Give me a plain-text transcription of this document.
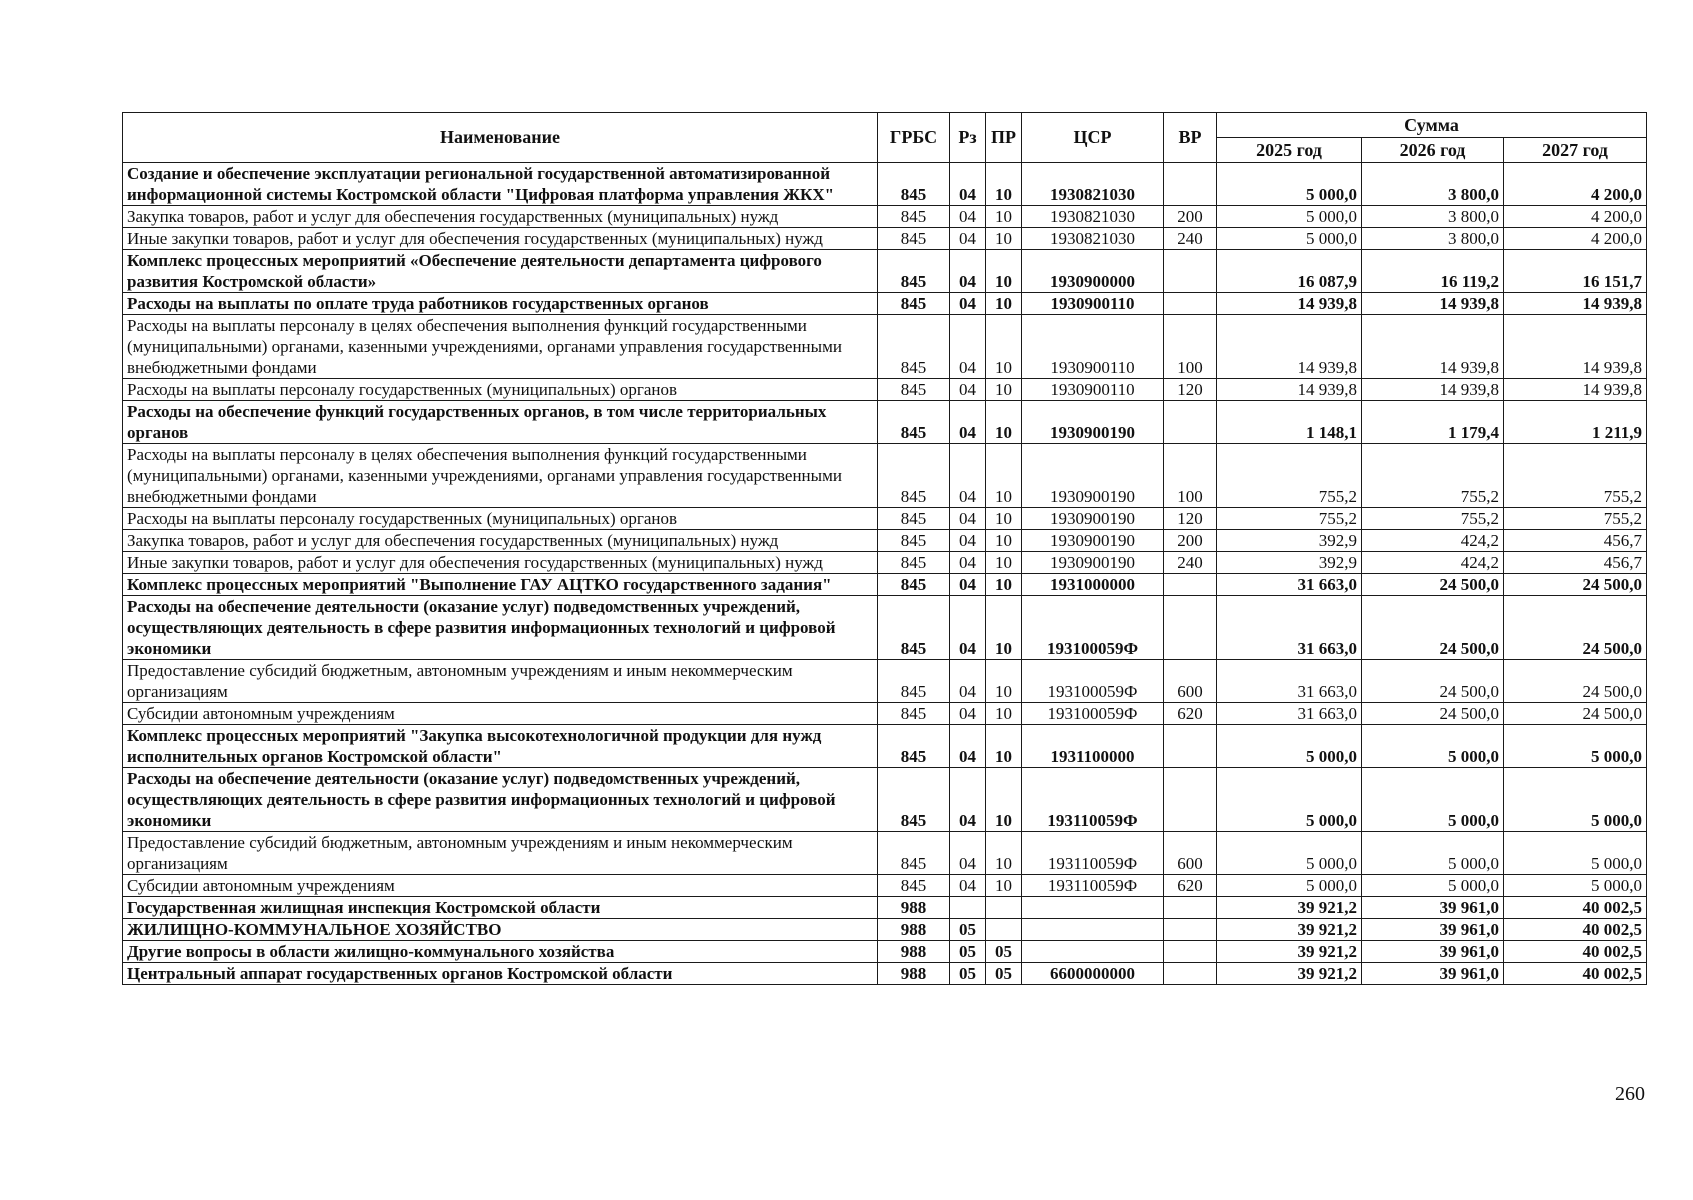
Наименование	ГРБС	Рз	ПР	ЦСР	ВР	Сумма		
						2025 год	2026 год	2027 год
Создание и обеспечение эксплуатации региональной государственной автоматизированной информационной системы Костромской области "Цифровая платформа управления ЖКХ"	845	04	10	1930821030		5 000,0	3 800,0	4 200,0
Закупка товаров, работ и услуг для обеспечения государственных (муниципальных) нужд	845	04	10	1930821030	200	5 000,0	3 800,0	4 200,0
Иные закупки товаров, работ и услуг для обеспечения государственных (муниципальных) нужд	845	04	10	1930821030	240	5 000,0	3 800,0	4 200,0
Комплекс процессных мероприятий «Обеспечение деятельности департамента цифрового развития Костромской области»	845	04	10	1930900000		16 087,9	16 119,2	16 151,7
Расходы на выплаты по оплате труда работников государственных органов	845	04	10	1930900110		14 939,8	14 939,8	14 939,8
Расходы на выплаты персоналу в целях обеспечения выполнения функций государственными (муниципальными) органами, казенными учреждениями, органами управления государственными внебюджетными фондами	845	04	10	1930900110	100	14 939,8	14 939,8	14 939,8
Расходы на выплаты персоналу государственных (муниципальных) органов	845	04	10	1930900110	120	14 939,8	14 939,8	14 939,8
Расходы на обеспечение функций государственных органов, в том числе территориальных органов	845	04	10	1930900190		1 148,1	1 179,4	1 211,9
Расходы на выплаты персоналу в целях обеспечения выполнения функций государственными (муниципальными) органами, казенными учреждениями, органами управления государственными внебюджетными фондами	845	04	10	1930900190	100	755,2	755,2	755,2
Расходы на выплаты персоналу государственных (муниципальных) органов	845	04	10	1930900190	120	755,2	755,2	755,2
Закупка товаров, работ и услуг для обеспечения государственных (муниципальных) нужд	845	04	10	1930900190	200	392,9	424,2	456,7
Иные закупки товаров, работ и услуг для обеспечения государственных (муниципальных) нужд	845	04	10	1930900190	240	392,9	424,2	456,7
Комплекс процессных мероприятий "Выполнение ГАУ АЦТКО государственного задания"	845	04	10	1931000000		31 663,0	24 500,0	24 500,0
Расходы на обеспечение деятельности (оказание услуг) подведомственных учреждений, осуществляющих деятельность в сфере развития информационных технологий и цифровой экономики	845	04	10	193100059Ф		31 663,0	24 500,0	24 500,0
Предоставление субсидий бюджетным, автономным учреждениям и иным некоммерческим организациям	845	04	10	193100059Ф	600	31 663,0	24 500,0	24 500,0
Субсидии автономным учреждениям	845	04	10	193100059Ф	620	31 663,0	24 500,0	24 500,0
Комплекс процессных мероприятий "Закупка высокотехнологичной продукции для нужд исполнительных органов Костромской области"	845	04	10	1931100000		5 000,0	5 000,0	5 000,0
Расходы на обеспечение деятельности (оказание услуг) подведомственных учреждений, осуществляющих деятельность в сфере развития информационных технологий и цифровой экономики	845	04	10	193110059Ф		5 000,0	5 000,0	5 000,0
Предоставление субсидий бюджетным, автономным учреждениям и иным некоммерческим организациям	845	04	10	193110059Ф	600	5 000,0	5 000,0	5 000,0
Субсидии автономным учреждениям	845	04	10	193110059Ф	620	5 000,0	5 000,0	5 000,0
Государственная жилищная инспекция Костромской области	988					39 921,2	39 961,0	40 002,5
ЖИЛИЩНО-КОММУНАЛЬНОЕ ХОЗЯЙСТВО	988	05				39 921,2	39 961,0	40 002,5
Другие вопросы в области жилищно-коммунального хозяйства	988	05	05			39 921,2	39 961,0	40 002,5
Центральный аппарат государственных органов Костромской области	988	05	05	6600000000		39 921,2	39 961,0	40 002,5
260
